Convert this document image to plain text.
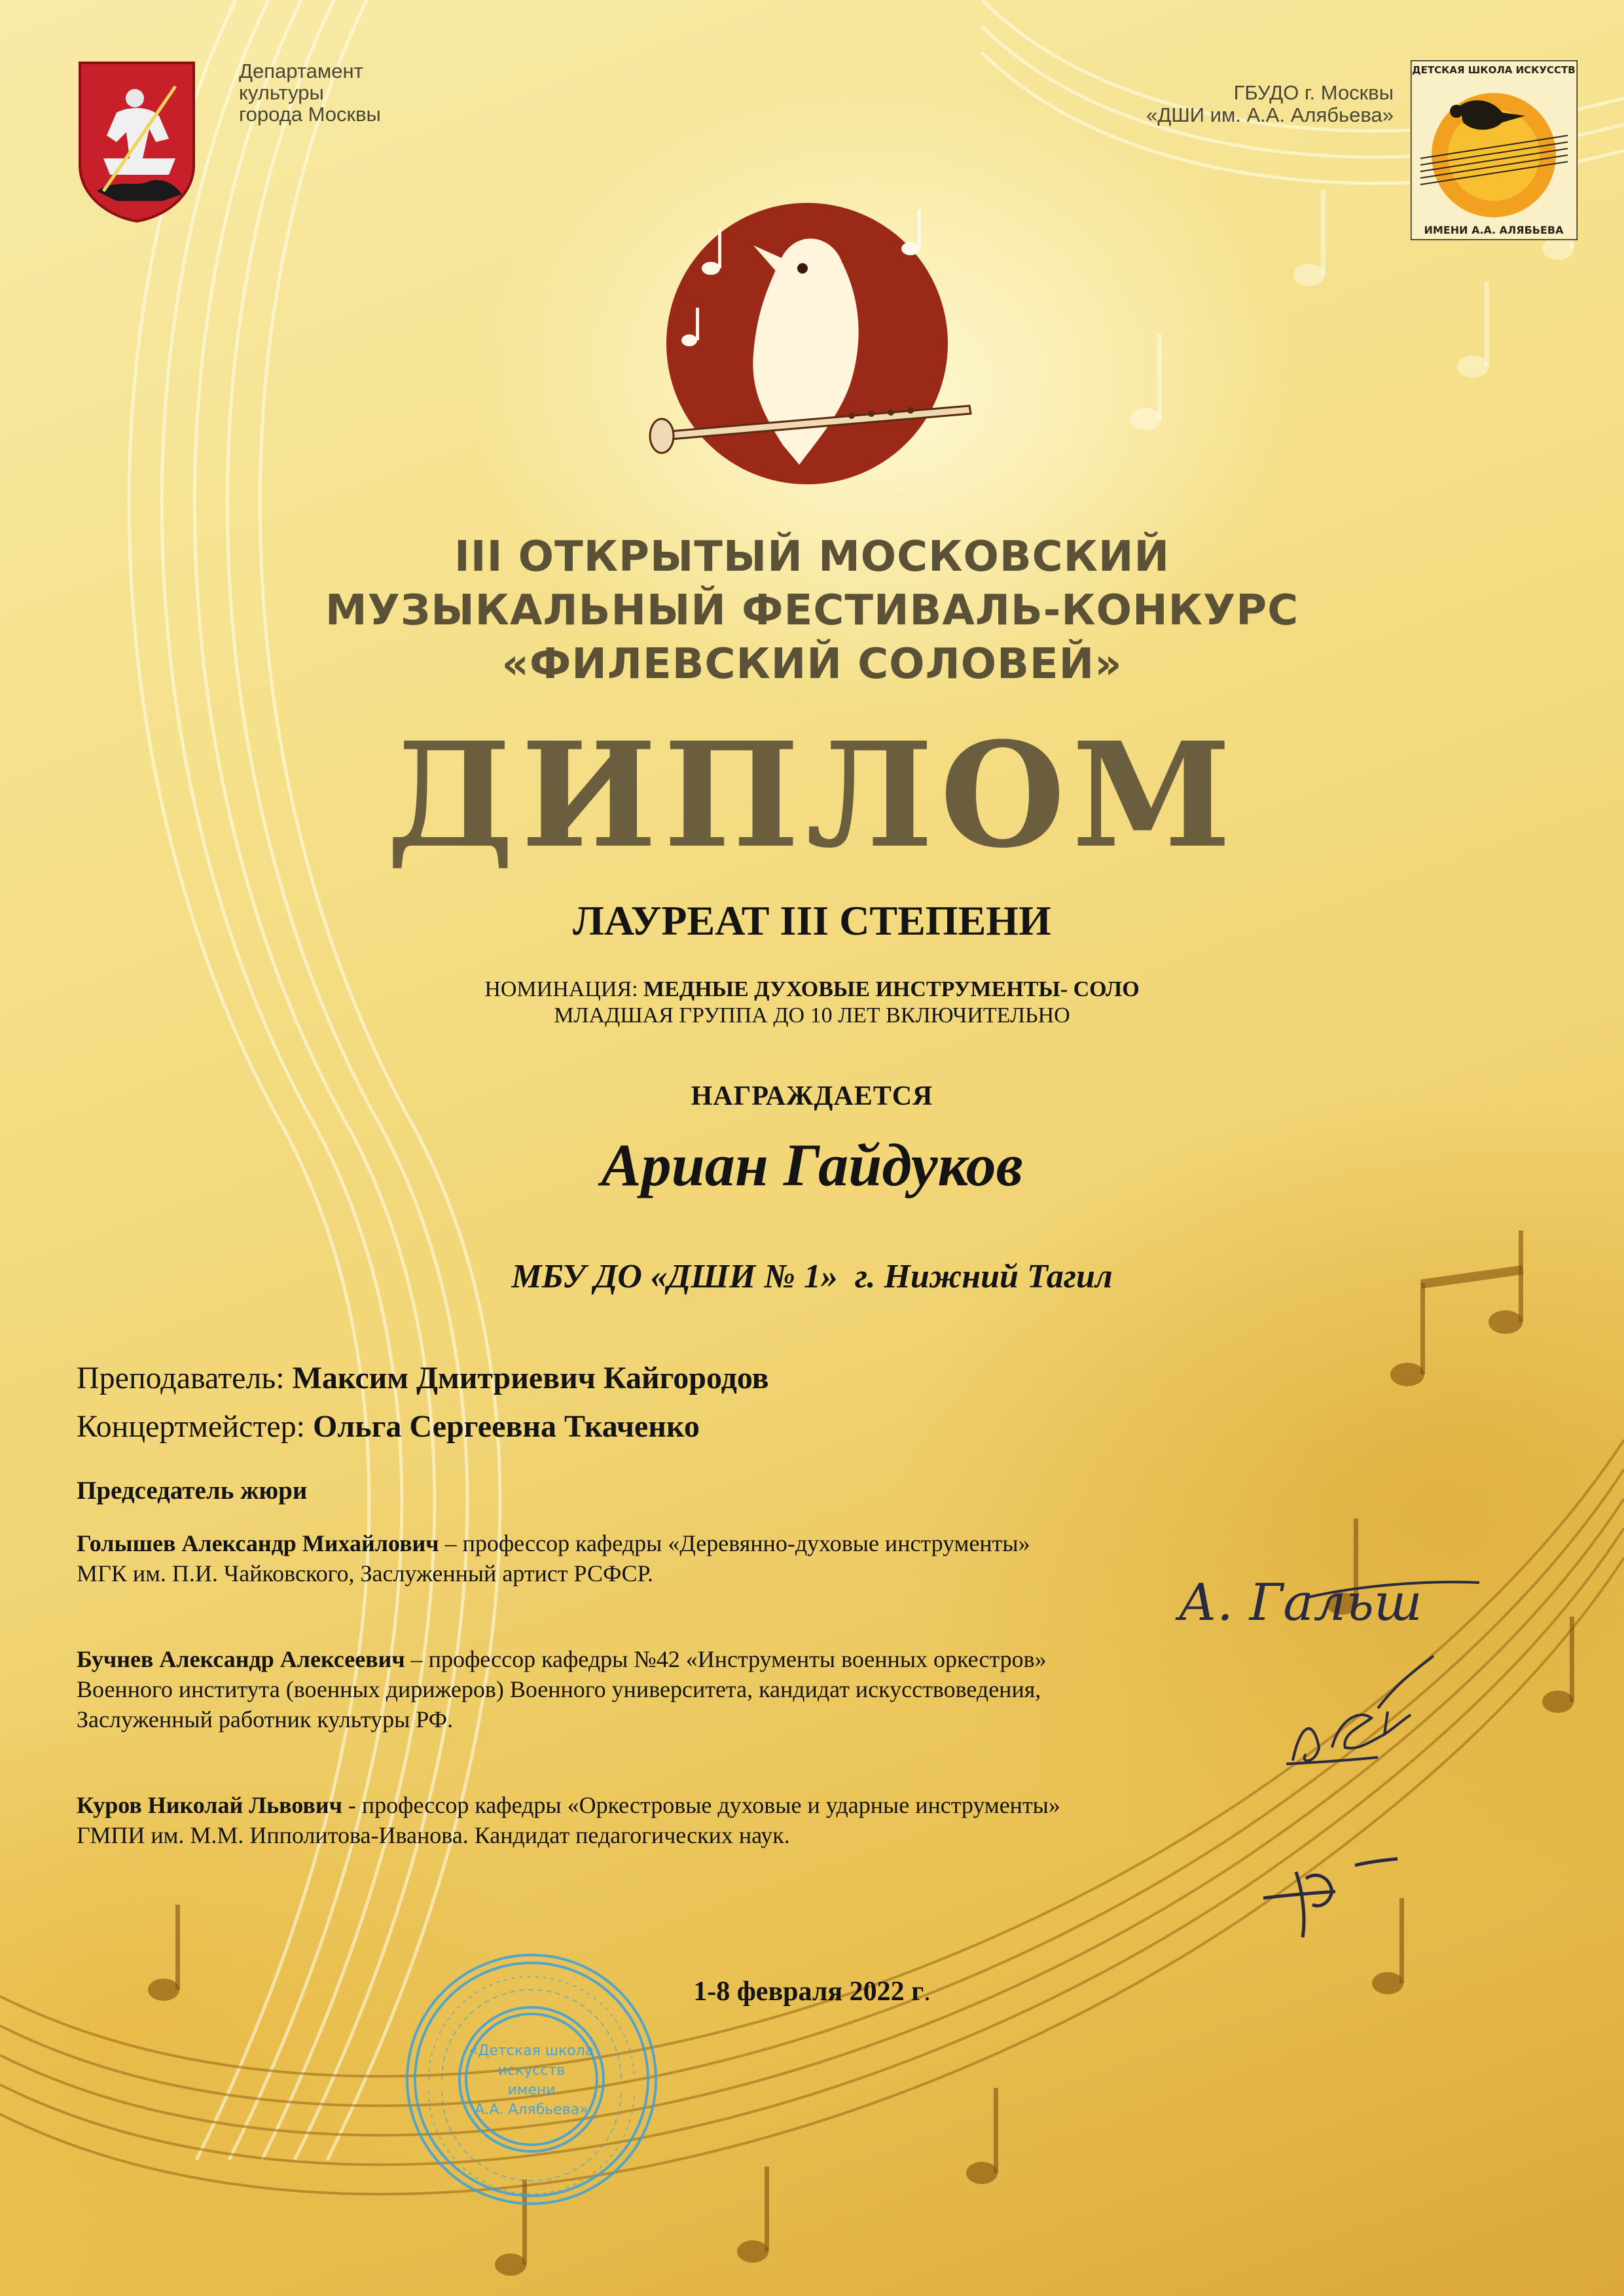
Департамент
культуры
города Москвы
ГБУДО г. Москвы
«ДШИ им. А.А. Алябьева»
ДЕТСКАЯ ШКОЛА ИСКУССТВ
ИМЕНИ А.А. АЛЯБЬЕВА
III ОТКРЫТЫЙ МОСКОВСКИЙ
МУЗЫКАЛЬНЫЙ ФЕСТИВАЛЬ-КОНКУРС
«ФИЛЕВСКИЙ СОЛОВЕЙ»
ДИПЛОМ
ЛАУРЕАТ III СТЕПЕНИ
НОМИНАЦИЯ: МЕДНЫЕ ДУХОВЫЕ ИНСТРУМЕНТЫ- СОЛО
МЛАДШАЯ ГРУППА ДО 10 ЛЕТ ВКЛЮЧИТЕЛЬНО
НАГРАЖДАЕТСЯ
Ариан Гайдуков
МБУ ДО «ДШИ № 1»  г. Нижний Тагил
Преподаватель: Максим Дмитриевич Кайгородов
Концертмейстер: Ольга Сергеевна Ткаченко
Председатель жюри
Голышев Александр Михайлович – профессор кафедры «Деревянно-духовые инструменты»
МГК им. П.И. Чайковского, Заслуженный артист РСФСР.
Бучнев Александр Алексеевич – профессор кафедры №42 «Инструменты военных оркестров»
Военного института (военных дирижеров) Военного университета, кандидат искусствоведения,
Заслуженный работник культуры РФ.
Куров Николай Львович - профессор кафедры «Оркестровые духовые и ударные инструменты»
ГМПИ им. М.М. Ипполитова-Иванова. Кандидат педагогических наук.
А. Гальш
«Детская школа
искусств
имени
А.А. Алябьева»
1-8 февраля 2022 г.
